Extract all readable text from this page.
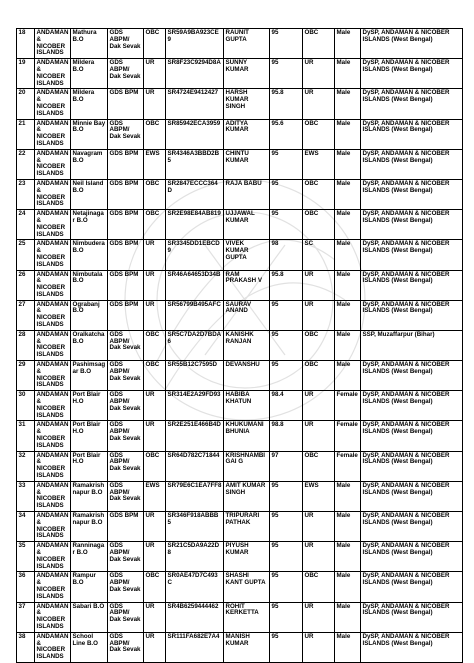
18	ANDAMAN & NICOBER ISLANDS	Mathura B.O	GDS ABPM/ Dak Sevak	OBC	SR59A9BA923CE9	RAUNIT GUPTA	95	OBC	Male	DySP, ANDAMAN & NICOBER ISLANDS (West Bengal)
19	ANDAMAN & NICOBER ISLANDS	Mildera B.O	GDS ABPM/ Dak Sevak	UR	SR8F23C9294D8A	SUNNY KUMAR	95	UR	Male	DySP, ANDAMAN & NICOBER ISLANDS (West Bengal)
20	ANDAMAN & NICOBER ISLANDS	Mildera B.O	GDS BPM	UR	SR4724E9412427	HARSH KUMAR SINGH	95.8	UR	Male	DySP, ANDAMAN & NICOBER ISLANDS (West Bengal)
21	ANDAMAN & NICOBER ISLANDS	Minnie Bay B.O	GDS ABPM/ Dak Sevak	OBC	SR85942ECA3959	ADITYA KUMAR	95.6	OBC	Male	DySP, ANDAMAN & NICOBER ISLANDS (West Bengal)
22	ANDAMAN & NICOBER ISLANDS	Navagram B.O	GDS BPM	EWS	SR4346A3BBD2B5	CHINTU KUMAR	95	EWS	Male	DySP, ANDAMAN & NICOBER ISLANDS (West Bengal)
23	ANDAMAN & NICOBER ISLANDS	Neil Island B.O	GDS BPM	OBC	SR2847ECCC364D	RAJA BABU	95	OBC	Male	DySP, ANDAMAN & NICOBER ISLANDS (West Bengal)
24	ANDAMAN & NICOBER ISLANDS	Netajinagar B.O	GDS BPM	OBC	SR2E98E84AB819	UJJAWAL KUMAR	95	OBC	Male	DySP, ANDAMAN & NICOBER ISLANDS (West Bengal)
25	ANDAMAN & NICOBER ISLANDS	Nimbudera B.O	GDS BPM	UR	SR3345DD1EBCD9	VIVEK KUMAR GUPTA	98	SC	Male	DySP, ANDAMAN & NICOBER ISLANDS (West Bengal)
26	ANDAMAN & NICOBER ISLANDS	Nimbutala B.O	GDS BPM	UR	SR46A64653D34B	RAM PRAKASH V	95.8	UR	Male	DySP, ANDAMAN & NICOBER ISLANDS (West Bengal)
27	ANDAMAN & NICOBER ISLANDS	Ograbanj B.O	GDS BPM	UR	SR56799B495AFC	SAURAV ANAND	95	UR	Male	DySP, ANDAMAN & NICOBER ISLANDS (West Bengal)
28	ANDAMAN & NICOBER ISLANDS	Oralkatcha B.O	GDS ABPM/ Dak Sevak	OBC	SR5C7DA2D7BDA6	KANISHK RANJAN	95	OBC	Male	SSP, Muzaffarpur (Bihar)
29	ANDAMAN & NICOBER ISLANDS	Pashimsagar B.O	GDS ABPM/ Dak Sevak	OBC	SR55B12C7595D	DEVANSHU	95	OBC	Male	DySP, ANDAMAN & NICOBER ISLANDS (West Bengal)
30	ANDAMAN & NICOBER ISLANDS	Port Blair H.O	GDS ABPM/ Dak Sevak	UR	SR314E2A29FD93	HABIBA KHATUN	98.4	UR	Female	DySP, ANDAMAN & NICOBER ISLANDS (West Bengal)
31	ANDAMAN & NICOBER ISLANDS	Port Blair H.O	GDS ABPM/ Dak Sevak	UR	SR2E251E466B4D	KHUKUMANI BHUNIA	98.8	UR	Female	DySP, ANDAMAN & NICOBER ISLANDS (West Bengal)
32	ANDAMAN & NICOBER ISLANDS	Port Blair H.O	GDS ABPM/ Dak Sevak	OBC	SR64D782C71844	KRISHNAMBIGAI G	97	OBC	Female	DySP, ANDAMAN & NICOBER ISLANDS (West Bengal)
33	ANDAMAN & NICOBER ISLANDS	Ramakrishnapur B.O	GDS ABPM/ Dak Sevak	EWS	SR79E6C1EA7FF8	AMIT KUMAR SINGH	95	EWS	Male	DySP, ANDAMAN & NICOBER ISLANDS (West Bengal)
34	ANDAMAN & NICOBER ISLANDS	Ramakrishnapur B.O	GDS BPM	UR	SR346F918ABBB5	TRIPURARI PATHAK	95	UR	Male	DySP, ANDAMAN & NICOBER ISLANDS (West Bengal)
35	ANDAMAN & NICOBER ISLANDS	Ranninagar B.O	GDS ABPM/ Dak Sevak	UR	SR21C5DA9A22D8	PIYUSH KUMAR	95	UR	Male	DySP, ANDAMAN & NICOBER ISLANDS (West Bengal)
36	ANDAMAN & NICOBER ISLANDS	Rampur B.O	GDS ABPM/ Dak Sevak	OBC	SR0AE47D7C493C	SHASHI KANT GUPTA	95	OBC	Male	DySP, ANDAMAN & NICOBER ISLANDS (West Bengal)
37	ANDAMAN & NICOBER ISLANDS	Sabari B.O	GDS ABPM/ Dak Sevak	UR	SR4B6259444462	ROHIT KERKETTA	95	UR	Male	DySP, ANDAMAN & NICOBER ISLANDS (West Bengal)
38	ANDAMAN & NICOBER ISLANDS	School Line B.O	GDS ABPM/ Dak Sevak	UR	SR111FA682E7A4	MANISH KUMAR	95	UR	Male	DySP, ANDAMAN & NICOBER ISLANDS (West Bengal)
